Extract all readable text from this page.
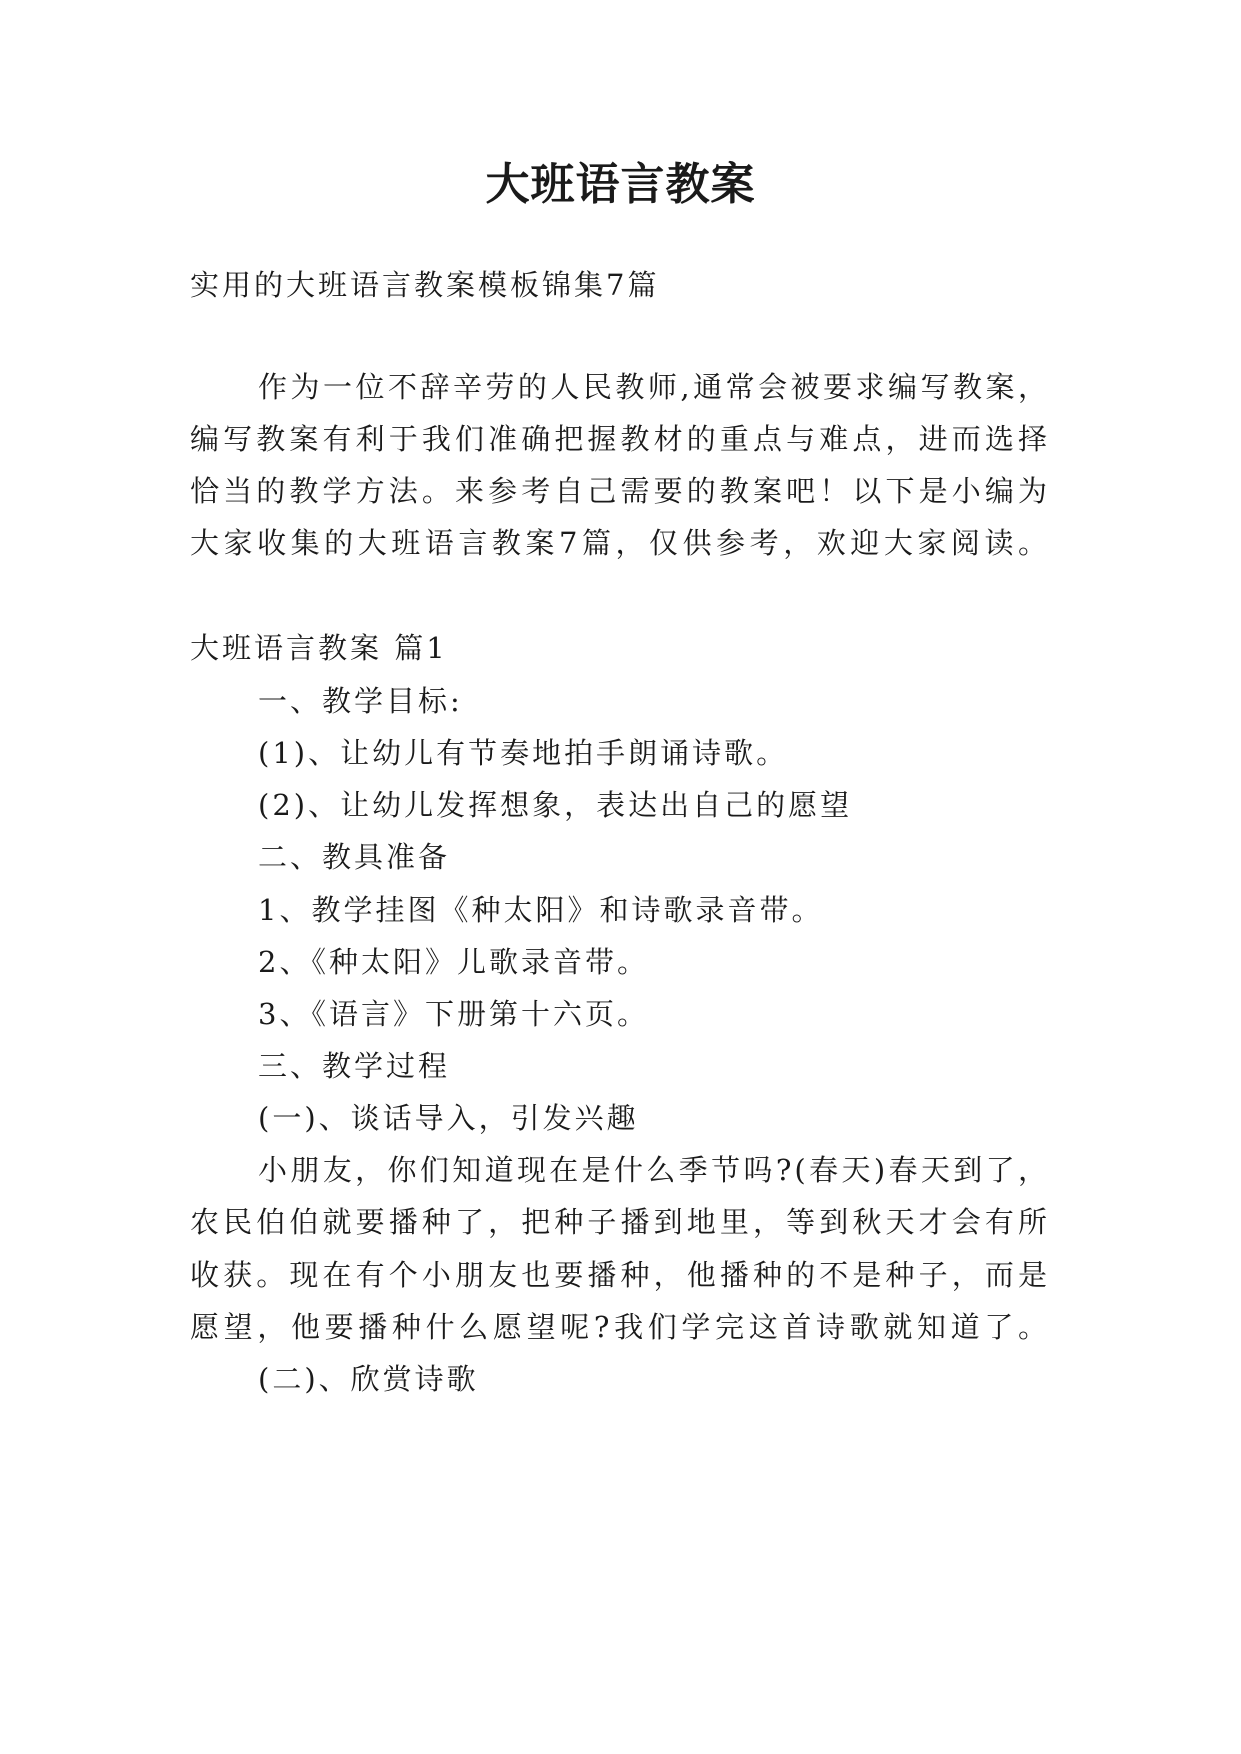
大班语言教案

实用的大班语言教案模板锦集7篇

作为一位不辞辛劳的人民教师,通常会被要求编写教案，

编写教案有利于我们准确把握教材的重点与难点，进而选择

恰当的教学方法。来参考自己需要的教案吧！以下是小编为

大家收集的大班语言教案7篇，仅供参考，欢迎大家阅读。

大班语言教案 篇1

一、教学目标:

(1)、让幼儿有节奏地拍手朗诵诗歌。

(2)、让幼儿发挥想象，表达出自己的愿望

二、教具准备

1、教学挂图《种太阳》和诗歌录音带。

2、《种太阳》儿歌录音带。

3、《语言》下册第十六页。

三、教学过程

(一)、谈话导入，引发兴趣

小朋友，你们知道现在是什么季节吗?(春天)春天到了，

农民伯伯就要播种了，把种子播到地里，等到秋天才会有所

收获。现在有个小朋友也要播种，他播种的不是种子，而是

愿望，他要播种什么愿望呢?我们学完这首诗歌就知道了。

(二)、欣赏诗歌
